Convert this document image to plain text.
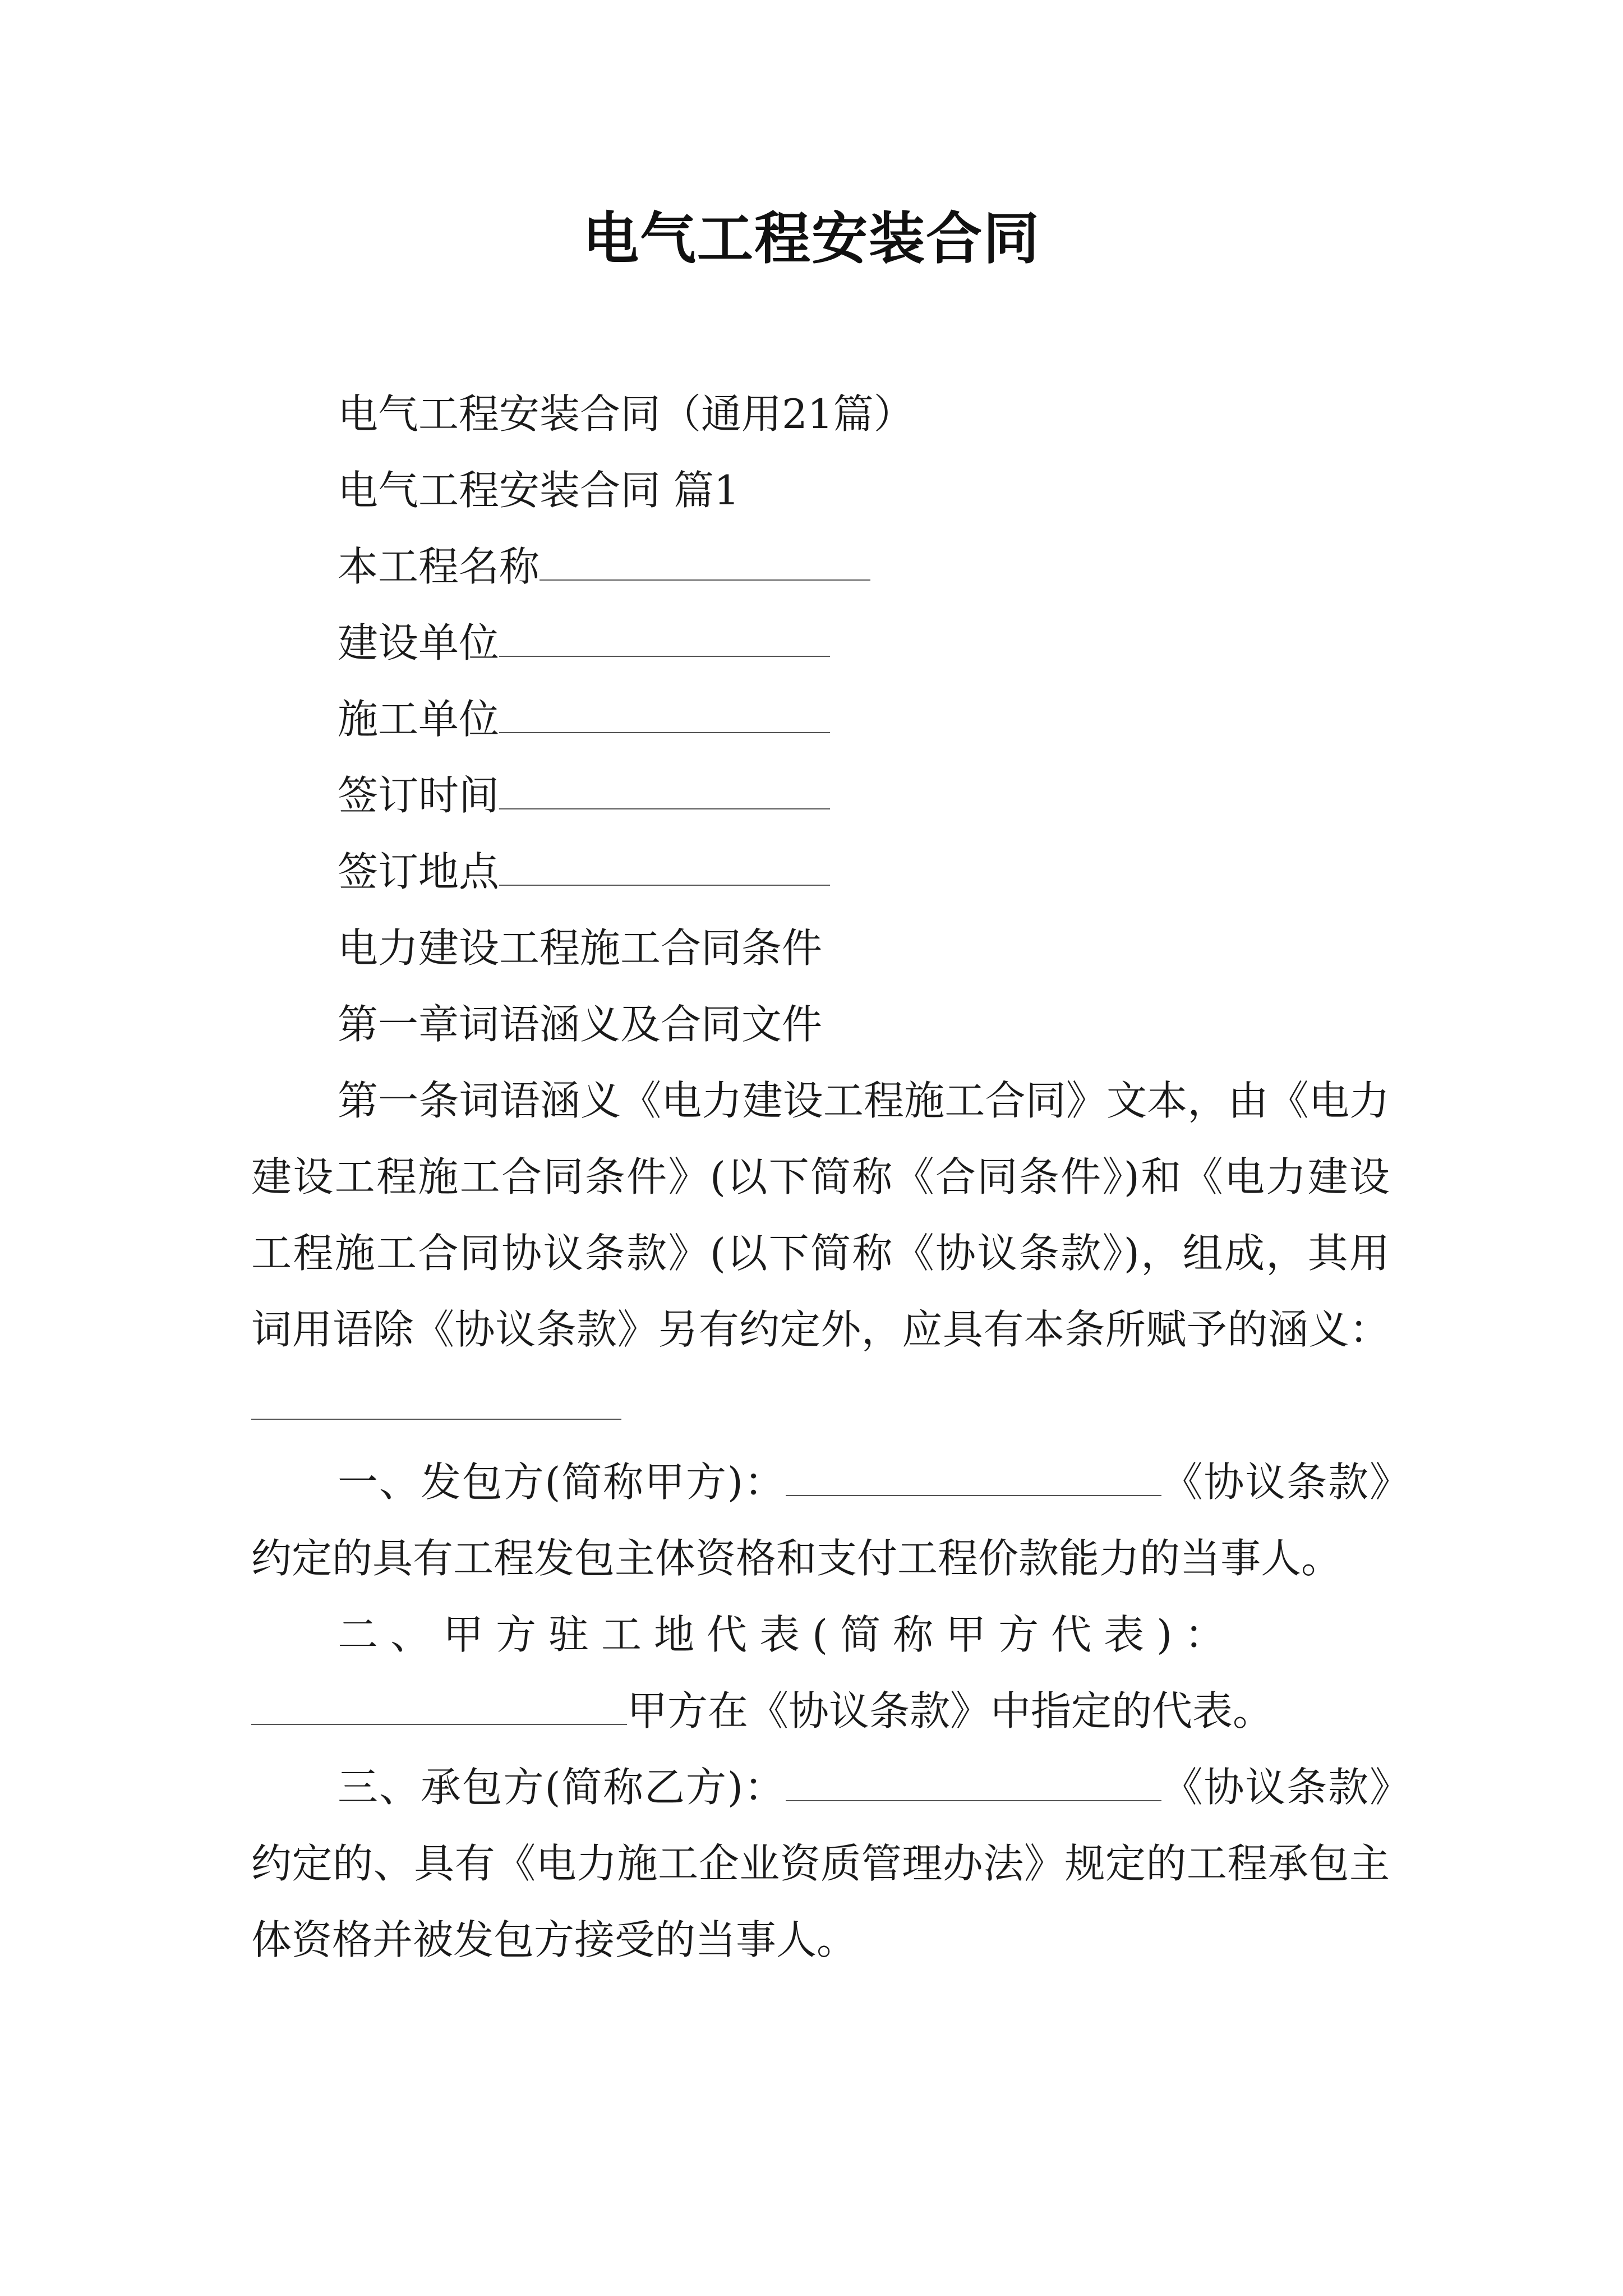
电气工程安装合同

电气工程安装合同（通用21篇）

电气工程安装合同 篇1

本工程名称

建设单位

施工单位

签订时间

签订地点

电力建设工程施工合同条件

第一章词语涵义及合同文件

第一条词语涵义《电力建设工程施工合同》文本，由《电力建设工程施工合同条件》(以下简称《合同条件》)和《电力建设工程施工合同协议条款》(以下简称《协议条款》)，组成，其用词用语除《协议条款》另有约定外，应具有本条所赋予的涵义：

一、发包方(简称甲方)：	《协议条款》约定的具有工程发包主体资格和支付工程价款能力的当事人。

二、甲方驻工地代表(简称甲方代表)：

甲方在《协议条款》中指定的代表。

三、承包方(简称乙方)：	《协议条款》约定的、具有《电力施工企业资质管理办法》规定的工程承包主体资格并被发包方接受的当事人。
